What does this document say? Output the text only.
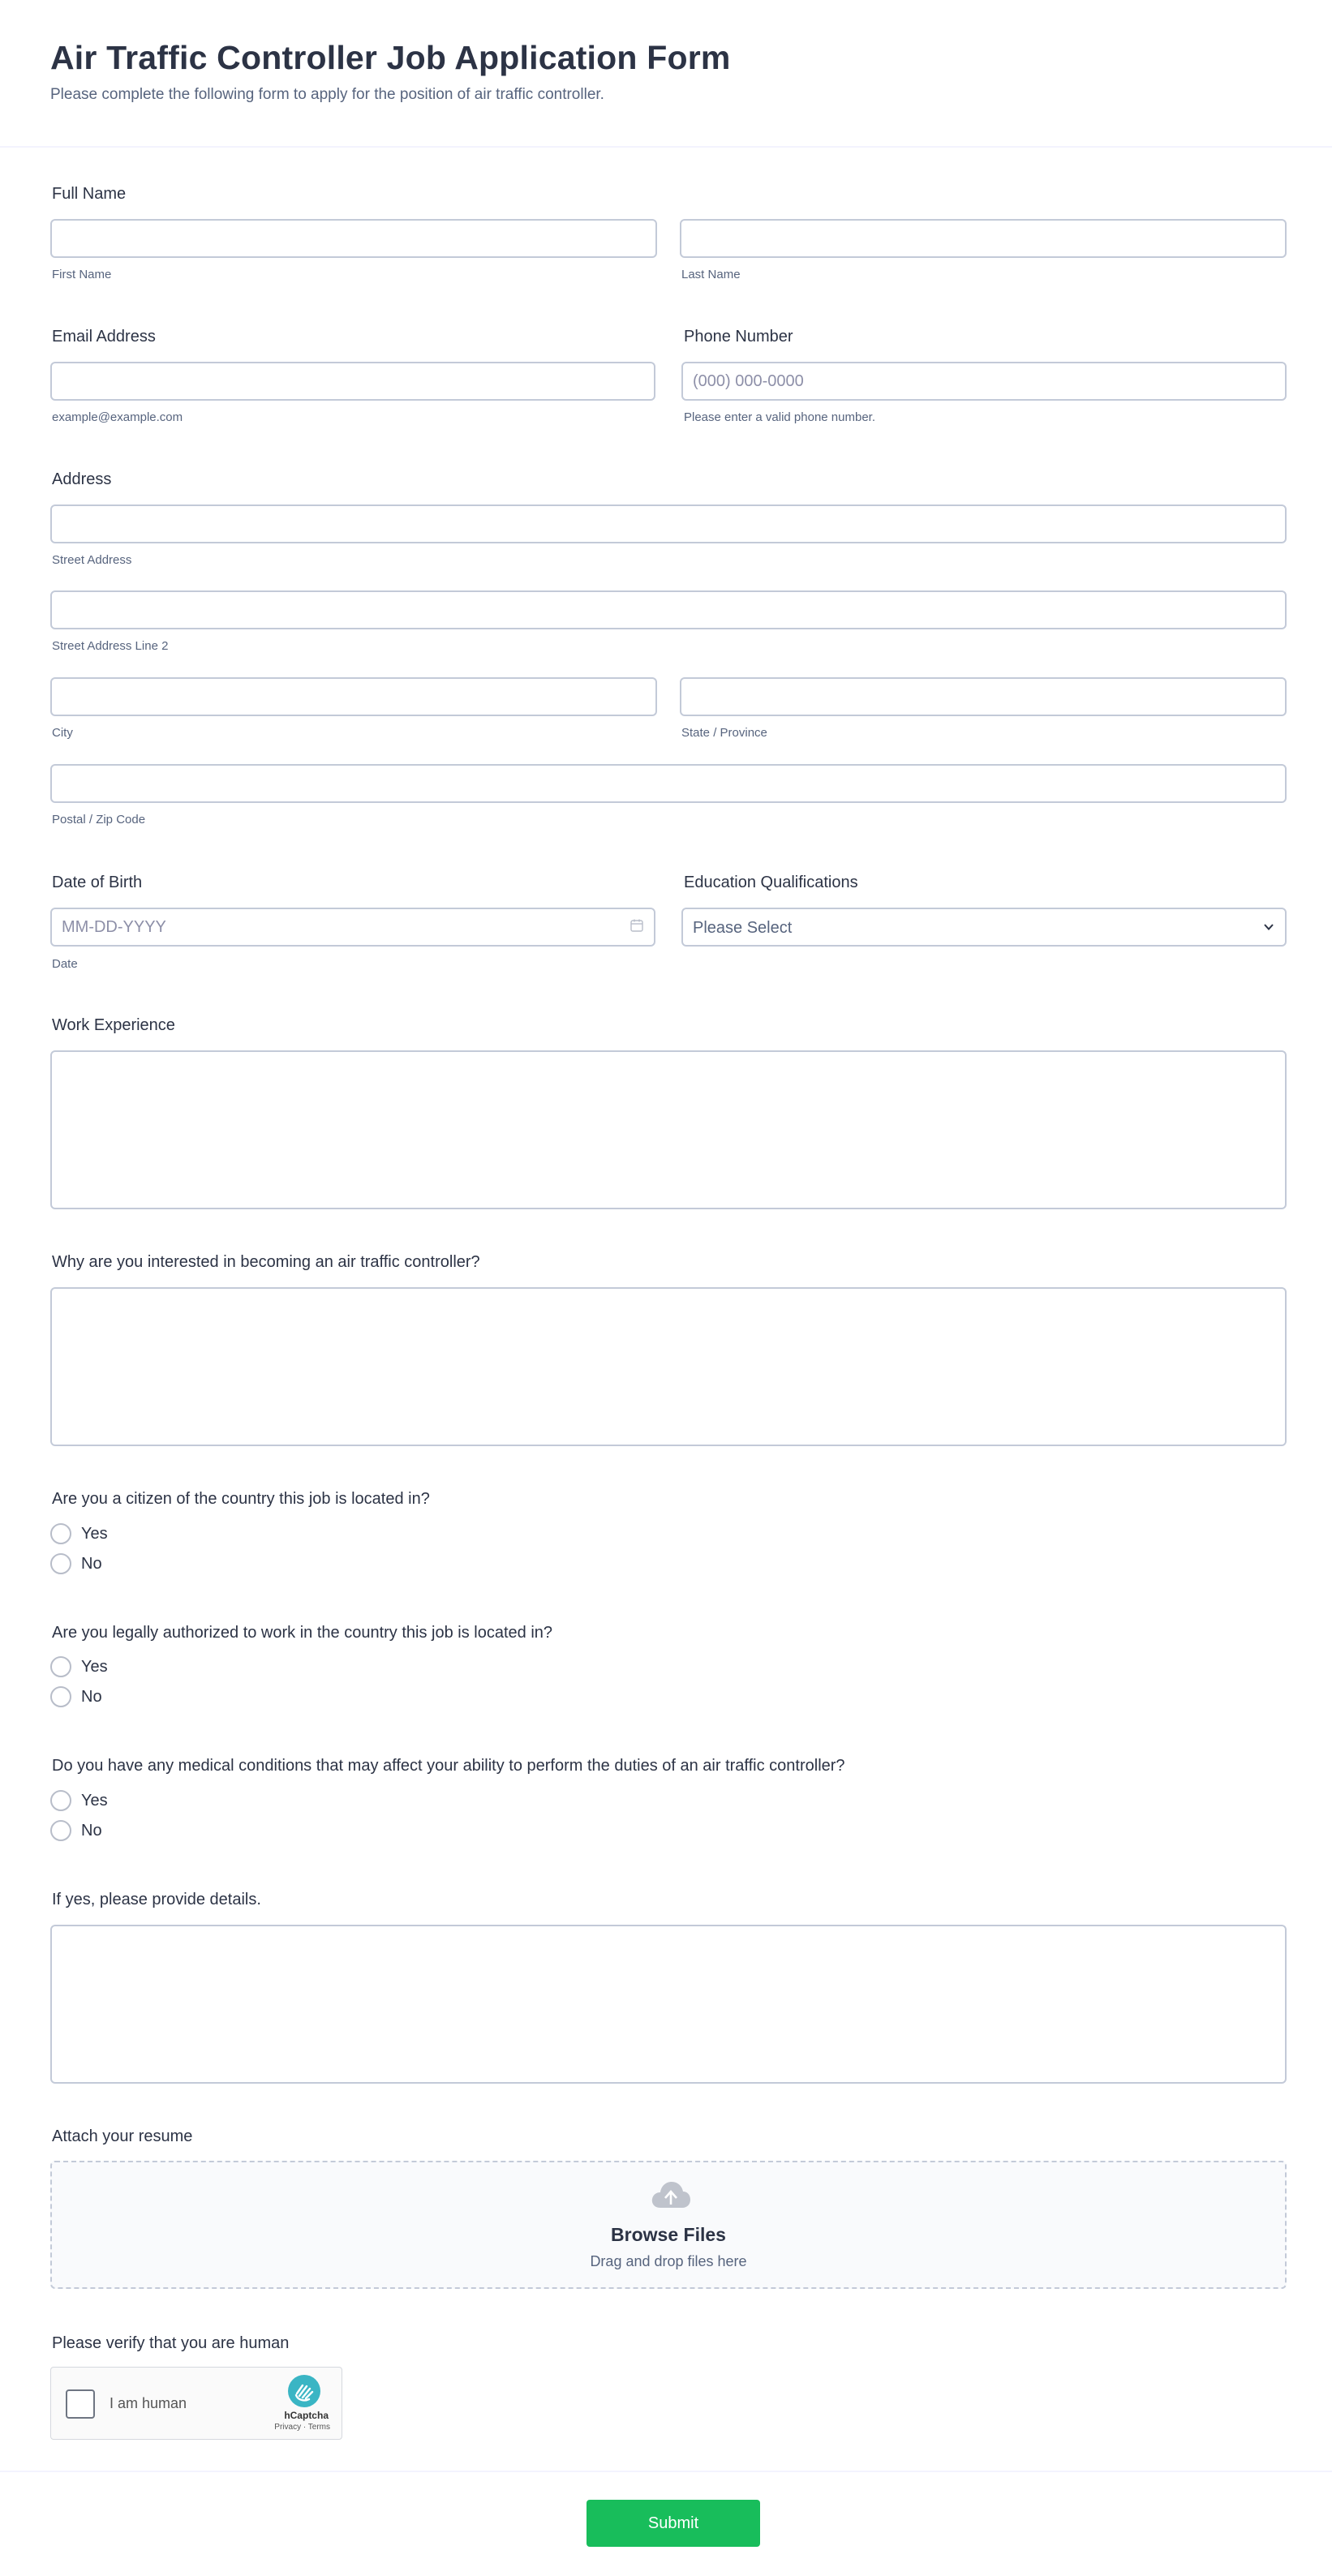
Air Traffic Controller Job Application Form

Please complete the following form to apply for the position of air traffic controller.

Full Name
First Name	Last Name
Email Address
example@example.com
Phone Number
(000) 000-0000
Please enter a valid phone number.
Address
Street Address
Street Address Line 2
City	State / Province
Postal / Zip Code
Date of Birth
MM-DD-YYYY
Date
Education Qualifications
Please Select
Work Experience
Why are you interested in becoming an air traffic controller?
Are you a citizen of the country this job is located in?
Yes
No
Are you legally authorized to work in the country this job is located in?
Yes
No
Do you have any medical conditions that may affect your ability to perform the duties of an air traffic controller?
Yes
No
If yes, please provide details.
Attach your resume
Browse Files
Drag and drop files here
Please verify that you are human
I am human
hCaptcha
Privacy · Terms
Submit
